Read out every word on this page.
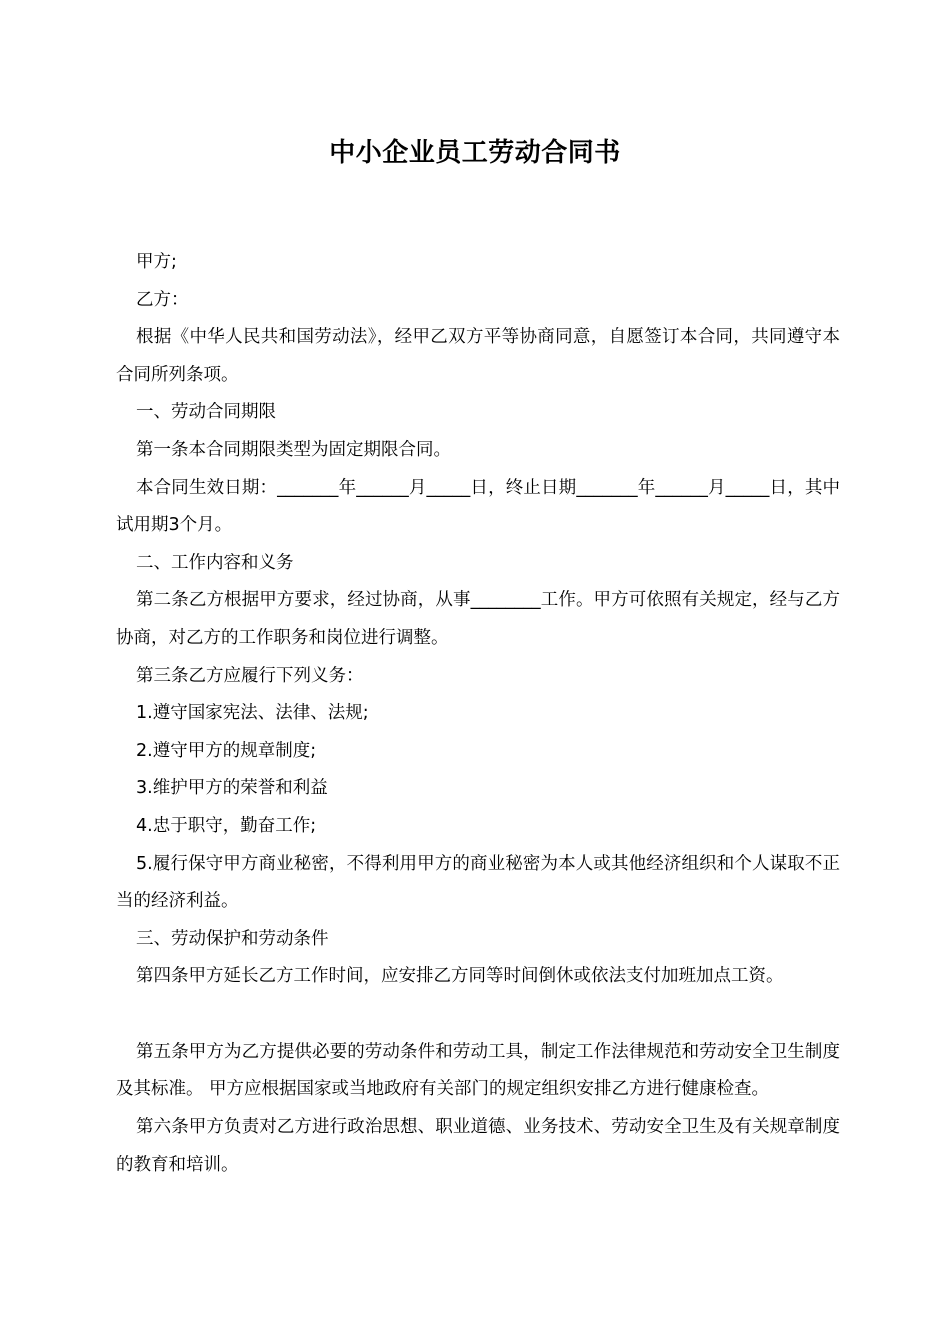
中小企业员工劳动合同书

甲方;

乙方：

根据《中华人民共和国劳动法》，经甲乙双方平等协商同意，自愿签订本合同，共同遵守本合同所列条项。

一、劳动合同期限

第一条本合同期限类型为固定期限合同。

本合同生效日期：_______年______月_____日，终止日期_______年______月_____日，其中试用期3个月。

二、工作内容和义务

第二条乙方根据甲方要求，经过协商，从事________工作。甲方可依照有关规定，经与乙方协商，对乙方的工作职务和岗位进行调整。

第三条乙方应履行下列义务：

1.遵守国家宪法、法律、法规;

2.遵守甲方的规章制度;

3.维护甲方的荣誉和利益

4.忠于职守，勤奋工作;

5.履行保守甲方商业秘密，不得利用甲方的商业秘密为本人或其他经济组织和个人谋取不正当的经济利益。

三、劳动保护和劳动条件

第四条甲方延长乙方工作时间，应安排乙方同等时间倒休或依法支付加班加点工资。

第五条甲方为乙方提供必要的劳动条件和劳动工具，制定工作法律规范和劳动安全卫生制度及其标准。 甲方应根据国家或当地政府有关部门的规定组织安排乙方进行健康检查。

第六条甲方负责对乙方进行政治思想、职业道德、业务技术、劳动安全卫生及有关规章制度的教育和培训。
